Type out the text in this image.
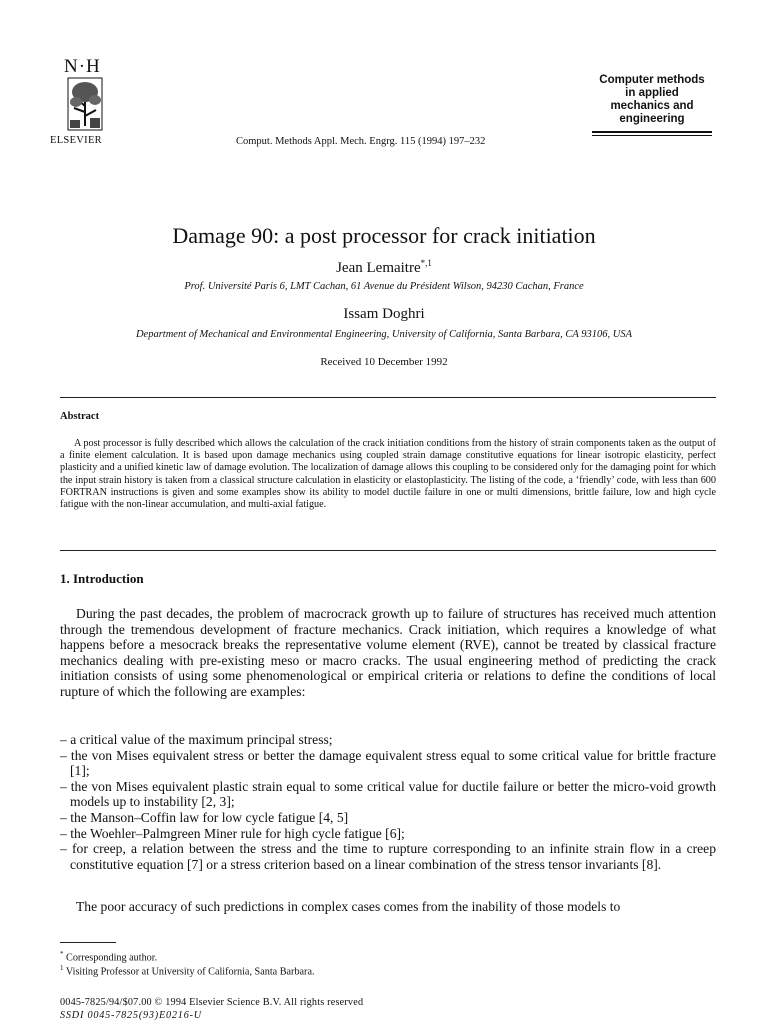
N·H
ELSEVIER	Comput. Methods Appl. Mech. Engrg. 115 (1994) 197–232
Computer methods
in applied
mechanics and
engineering
Damage 90: a post processor for crack initiation
Jean Lemaitre$^{*,1}$
Prof. Université Paris 6, LMT Cachan, 61 Avenue du Président Wilson, 94230 Cachan, France
Issam Doghri
Department of Mechanical and Environmental Engineering, University of California, Santa Barbara, CA 93106, USA
Received 10 December 1992
Abstract
A post processor is fully described which allows the calculation of the crack initiation conditions from the history of strain components taken as the output of a finite element calculation. It is based upon damage mechanics using coupled strain damage constitutive equations for linear isotropic elasticity, perfect plasticity and a unified kinetic law of damage evolution. The localization of damage allows this coupling to be considered only for the damaging point for which the input strain history is taken from a classical structure calculation in elasticity or elastoplasticity. The listing of the code, a ‘friendly’ code, with less than 600 FORTRAN instructions is given and some examples show its ability to model ductile failure in one or multi dimensions, brittle failure, low and high cycle fatigue with the non-linear accumulation, and multi-axial fatigue.
1. Introduction
During the past decades, the problem of macrocrack growth up to failure of structures has received much attention through the tremendous development of fracture mechanics. Crack initiation, which requires a knowledge of what happens before a mesocrack breaks the representative volume element (RVE), cannot be treated by classical fracture mechanics dealing with pre-existing meso or macro cracks. The usual engineering method of predicting the crack initiation consists of using some phenomenological or empirical criteria or relations to define the conditions of local rupture of which the following are examples:
– a critical value of the maximum principal stress;
– the von Mises equivalent stress or better the damage equivalent stress equal to some critical value for brittle fracture [1];
– the von Mises equivalent plastic strain equal to some critical value for ductile failure or better the micro-void growth models up to instability [2, 3];
– the Manson–Coffin law for low cycle fatigue [4, 5]
– the Woehler–Palmgreen Miner rule for high cycle fatigue [6];
– for creep, a relation between the stress and the time to rupture corresponding to an infinite strain flow in a creep constitutive equation [7] or a stress criterion based on a linear combination of the stress tensor invariants [8].
The poor accuracy of such predictions in complex cases comes from the inability of those models to
* Corresponding author.
$^1$ Visiting Professor at University of California, Santa Barbara.
0045-7825/94/$07.00 © 1994 Elsevier Science B.V. All rights reserved
SSDI 0045-7825(93)E0216-U
